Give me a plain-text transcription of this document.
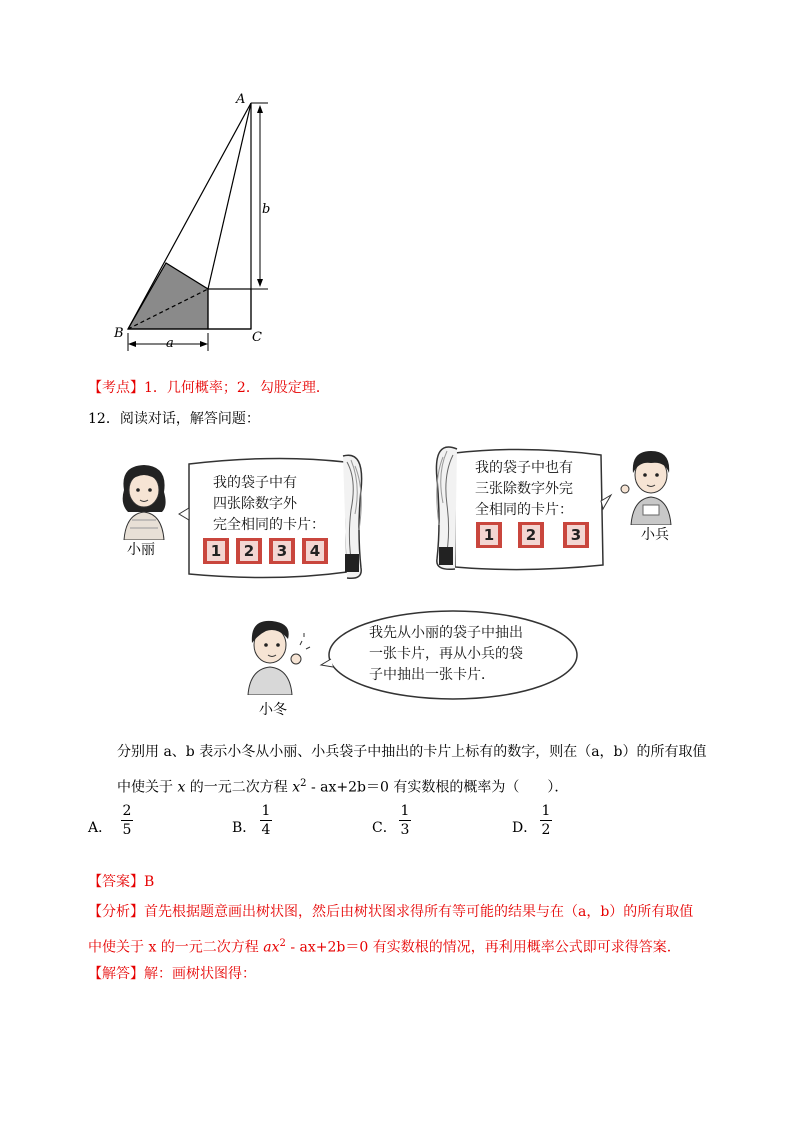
A
B	C
b
a
【考点】1．几何概率；2．勾股定理．
12．阅读对话，解答问题：
小丽
我的袋子中有
四张除数字外
完全相同的卡片：
1 2 3 4
我的袋子中也有
三张除数字外完
全相同的卡片：
1 2 3	小兵
小冬
我先从小丽的袋子中抽出
一张卡片，再从小兵的袋
子中抽出一张卡片．
分别用 a、b 表示小冬从小丽、小兵袋子中抽出的卡片上标有的数字，则在（a，b）的所有取值
中使关于 x 的一元二次方程 $x^2 - ax+2b=0$ 有实数根的概率为（　　）．
A．
2
5	B．
1
4	C．
1
3	D．
1
2
【答案】B
【分析】首先根据题意画出树状图，然后由树状图求得所有等可能的结果与在（a，b）的所有取值
中使关于 x 的一元二次方程 $ax^2 - ax+2b=0$ 有实数根的情况，再利用概率公式即可求得答案.
【解答】解：画树状图得：
